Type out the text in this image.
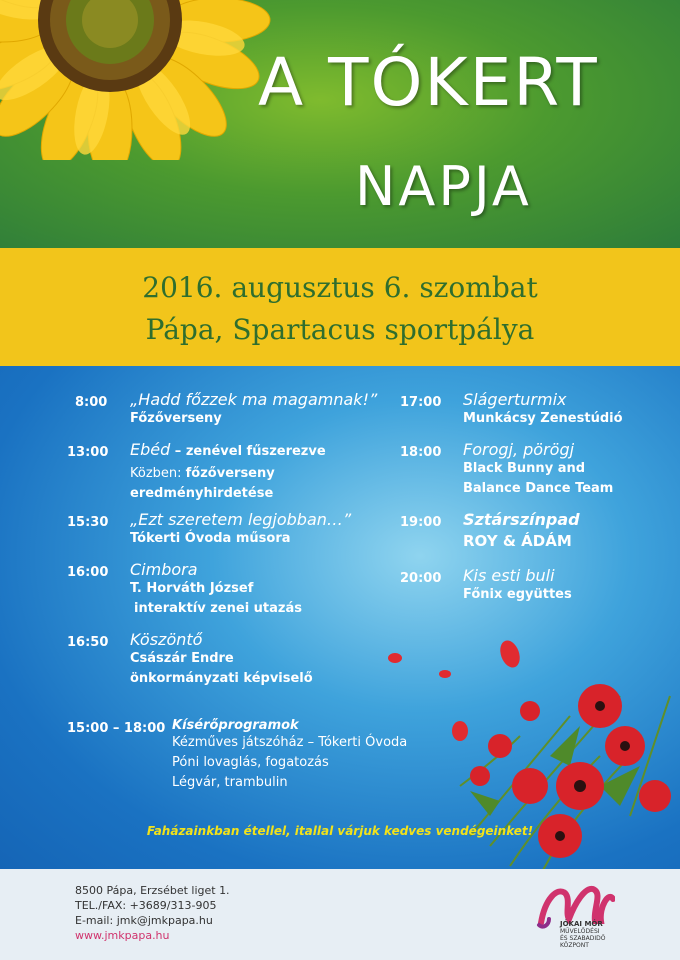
A TÓKERT
NAPJA
2016. augusztus 6. szombat
Pápa, Spartacus sportpálya
8:00 „Hadd főzzek ma magamnak!”
Főzőverseny
13:00 Ebéd – zenével fűszerezve
Közben: főzőverseny
eredményhirdetése
15:30 „Ezt szeretem legjobban…”
Tókerti Óvoda műsora
16:00 Cimbora
T. Horváth József
interaktív zenei utazás
16:50 Köszöntő
Császár Endre
önkormányzati képviselő
17:00 Slágerturmix
Munkácsy Zenestúdió
18:00 Forogj, pörögj
Black Bunny and
Balance Dance Team
19:00 Sztárszínpad
ROY & ÁDÁM
20:00 Kis esti buli
Főnix együttes
15:00 – 18:00 Kísérőprogramok
Kézműves játszóház – Tókerti Óvoda
Póni lovaglás, fogatozás
Légvár, trambulin
Faházainkban étellel, itallal várjuk kedves vendégeinket!
8500 Pápa, Erzsébet liget 1.
TEL./FAX: +3689/313-905
E-mail: jmk@jmkpapa.hu
www.jmkpapa.hu
JÓKAI MÓR
MŰVELŐDÉSI
ÉS SZABADIDŐ
KÖZPONT
